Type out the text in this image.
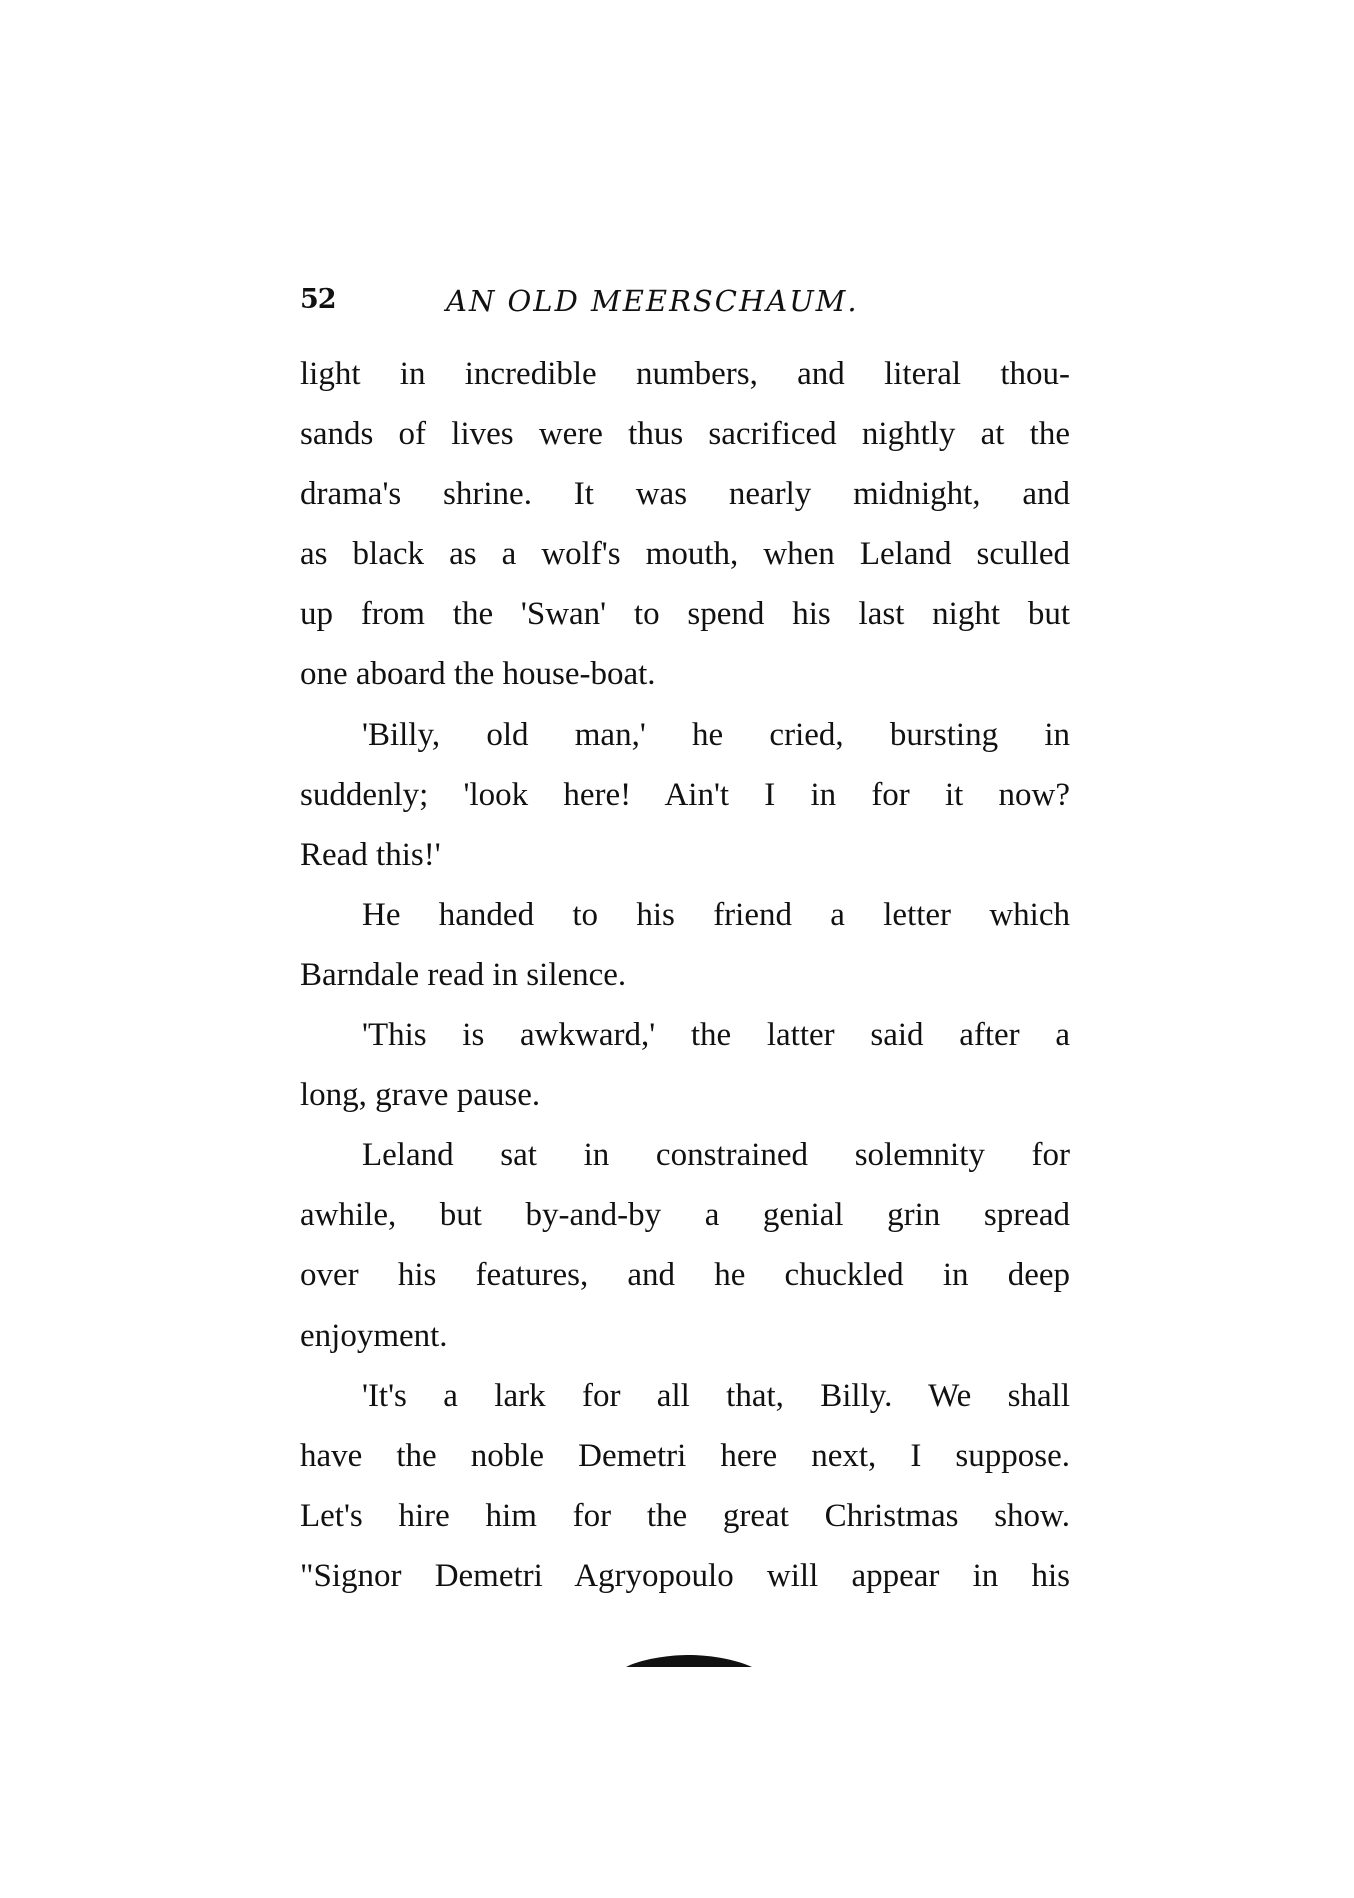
52	AN OLD MEERSCHAUM.
light in incredible numbers, and literal thou-
sands of lives were thus sacrificed nightly at the
drama's shrine. It was nearly midnight, and
as black as a wolf's mouth, when Leland sculled
up from the 'Swan' to spend his last night but
one aboard the house-boat.
'Billy, old man,' he cried, bursting in
suddenly; 'look here! Ain't I in for it now?
Read this!'
He handed to his friend a letter which
Barndale read in silence.
'This is awkward,' the latter said after a
long, grave pause.
Leland sat in constrained solemnity for
awhile, but by-and-by a genial grin spread
over his features, and he chuckled in deep
enjoyment.
'It's a lark for all that, Billy. We shall
have the noble Demetri here next, I suppose.
Let's hire him for the great Christmas show.
"Signor Demetri Agryopoulo will appear in his
